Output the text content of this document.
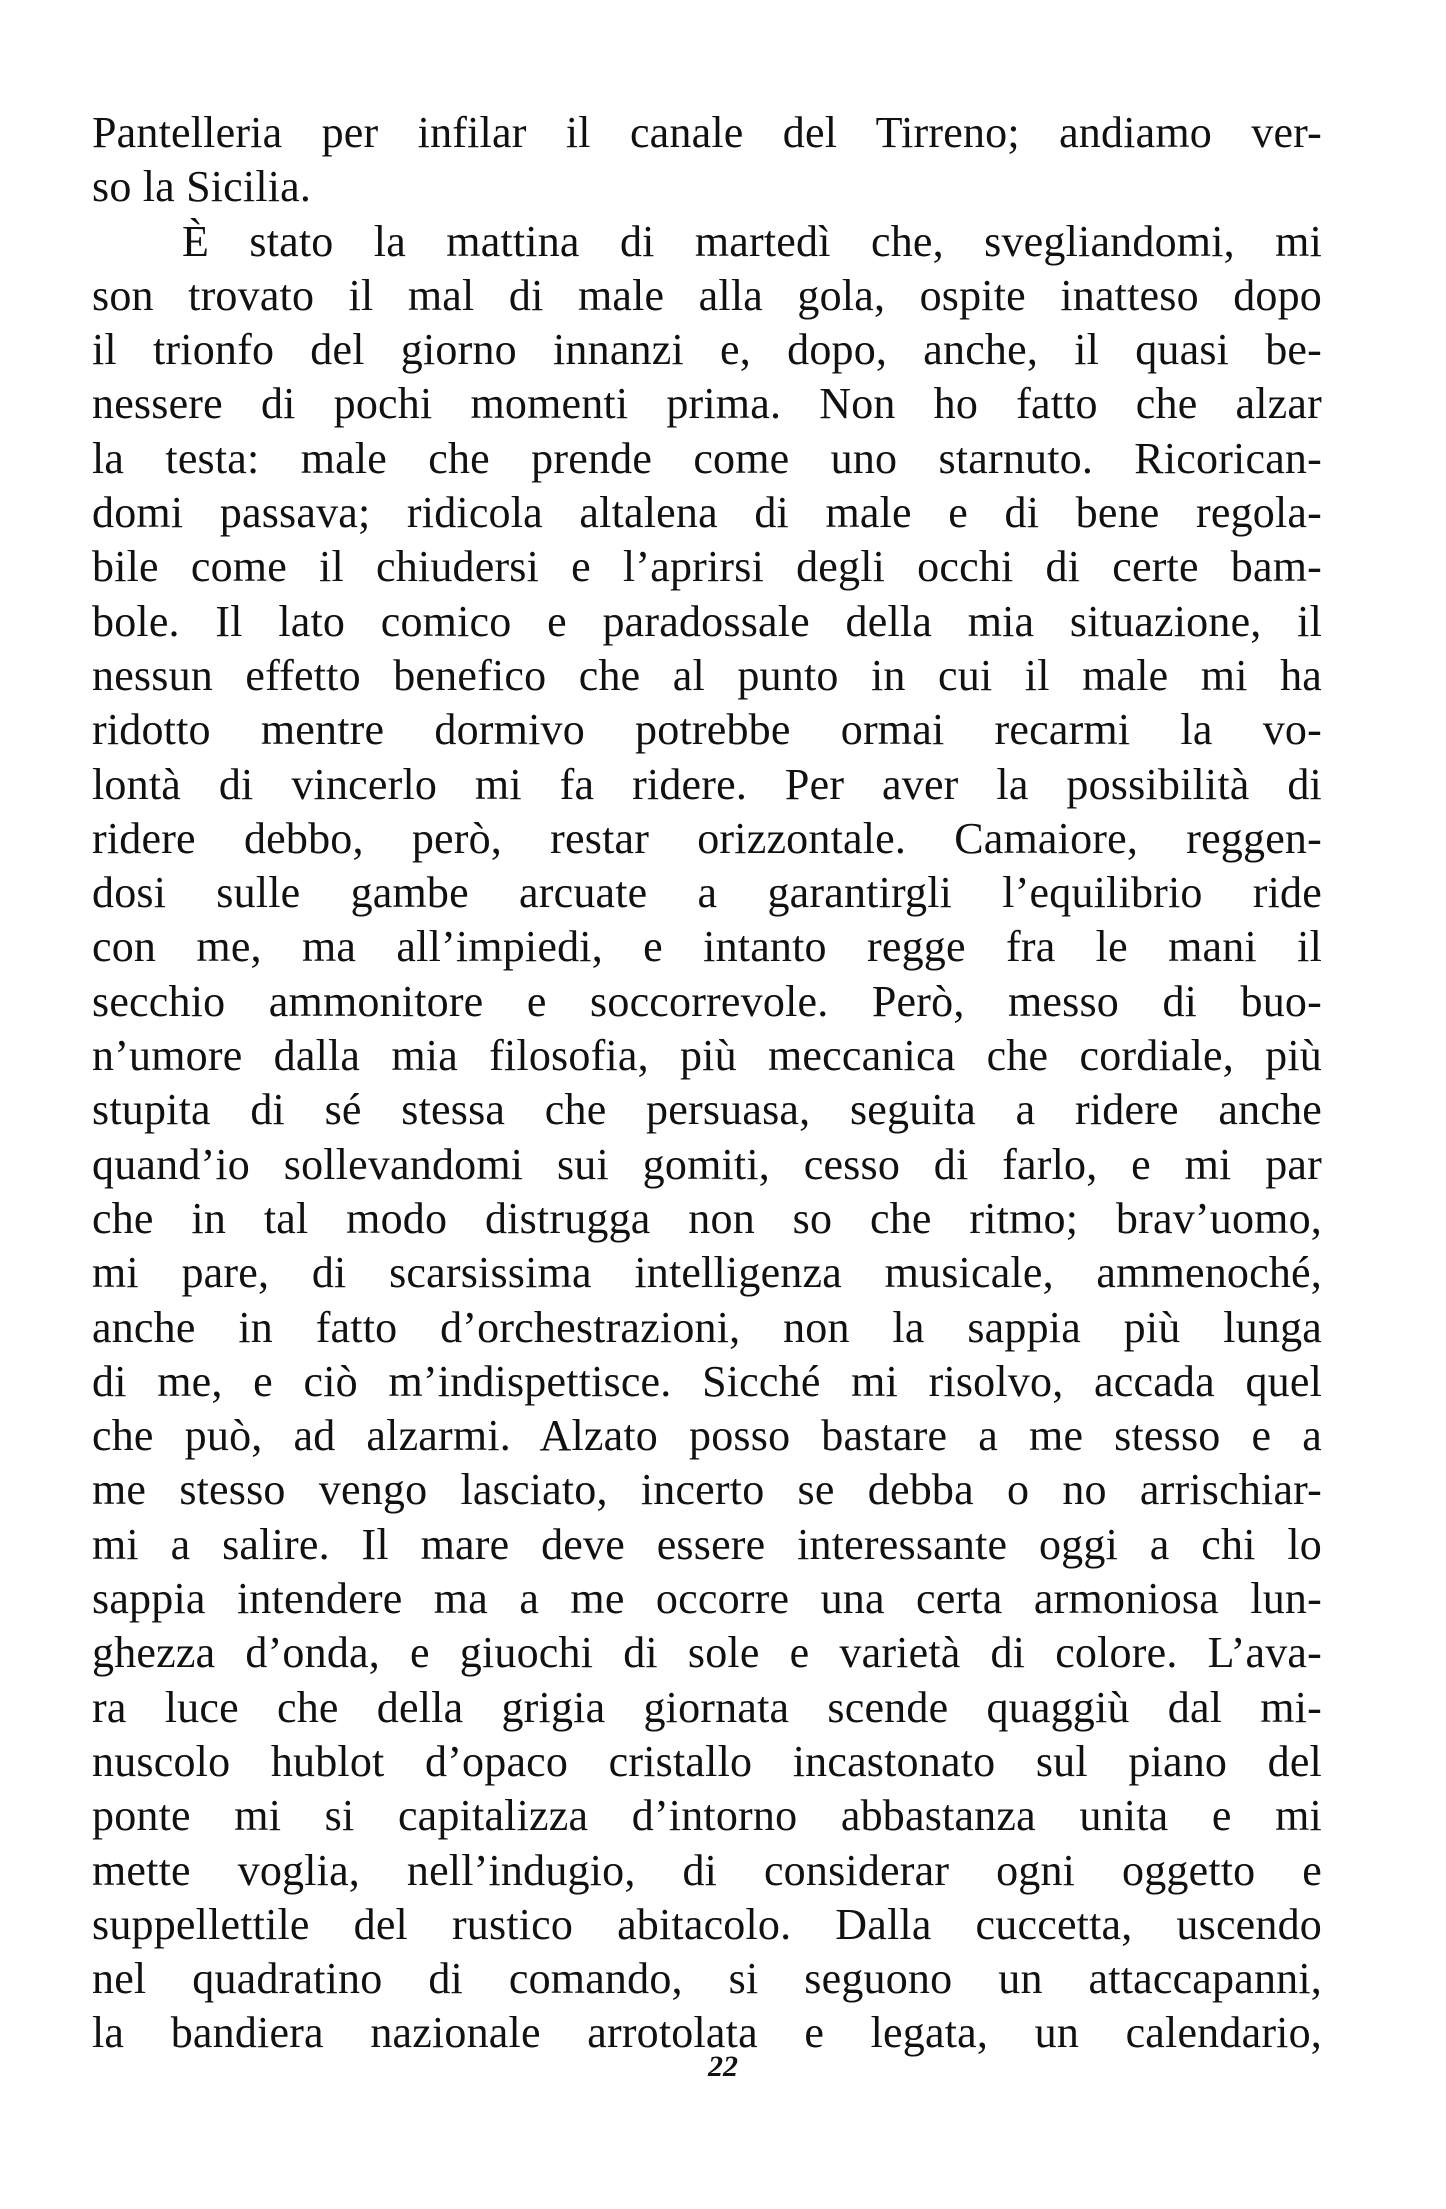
Pantelleria per infilar il canale del Tirreno; andiamo ver-
so la Sicilia.
È stato la mattina di martedì che, svegliandomi, mi
son trovato il mal di male alla gola, ospite inatteso dopo
il trionfo del giorno innanzi e, dopo, anche, il quasi be-
nessere di pochi momenti prima. Non ho fatto che alzar
la testa: male che prende come uno starnuto. Ricorican-
domi passava; ridicola altalena di male e di bene regola-
bile come il chiudersi e l’aprirsi degli occhi di certe bam-
bole. Il lato comico e paradossale della mia situazione, il
nessun effetto benefico che al punto in cui il male mi ha
ridotto mentre dormivo potrebbe ormai recarmi la vo-
lontà di vincerlo mi fa ridere. Per aver la possibilità di
ridere debbo, però, restar orizzontale. Camaiore, reggen-
dosi sulle gambe arcuate a garantirgli l’equilibrio ride
con me, ma all’impiedi, e intanto regge fra le mani il
secchio ammonitore e soccorrevole. Però, messo di buo-
n’umore dalla mia filosofia, più meccanica che cordiale, più
stupita di sé stessa che persuasa, seguita a ridere anche
quand’io sollevandomi sui gomiti, cesso di farlo, e mi par
che in tal modo distrugga non so che ritmo; brav’uomo,
mi pare, di scarsissima intelligenza musicale, ammenoché,
anche in fatto d’orchestrazioni, non la sappia più lunga
di me, e ciò m’indispettisce. Sicché mi risolvo, accada quel
che può, ad alzarmi. Alzato posso bastare a me stesso e a
me stesso vengo lasciato, incerto se debba o no arrischiar-
mi a salire. Il mare deve essere interessante oggi a chi lo
sappia intendere ma a me occorre una certa armoniosa lun-
ghezza d’onda, e giuochi di sole e varietà di colore. L’ava-
ra luce che della grigia giornata scende quaggiù dal mi-
nuscolo hublot d’opaco cristallo incastonato sul piano del
ponte mi si capitalizza d’intorno abbastanza unita e mi
mette voglia, nell’indugio, di considerar ogni oggetto e
suppellettile del rustico abitacolo. Dalla cuccetta, uscendo
nel quadratino di comando, si seguono un attaccapanni,
la bandiera nazionale arrotolata e legata, un calendario,
22
